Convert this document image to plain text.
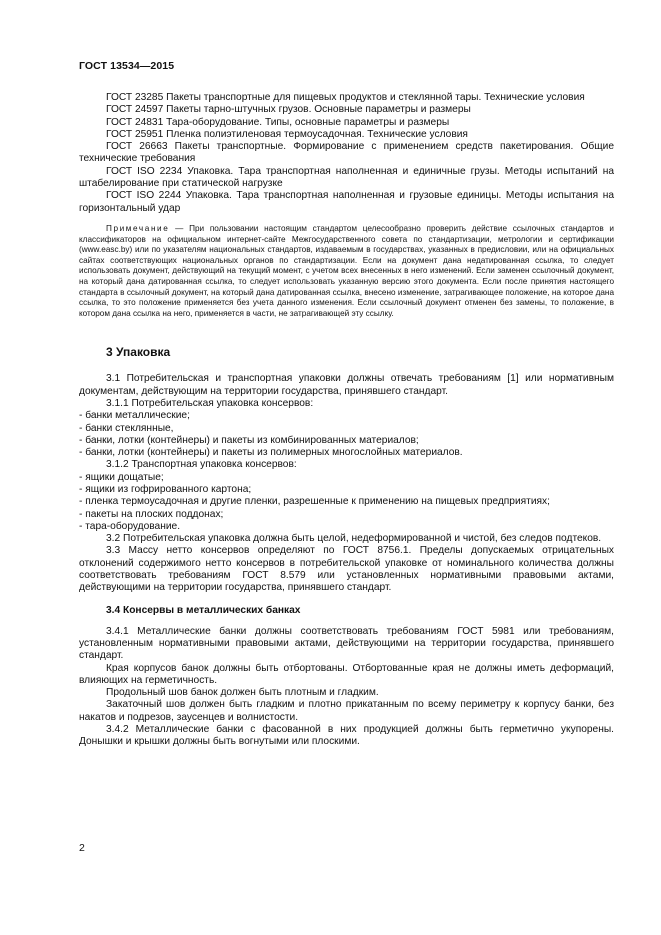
ГОСТ 13534—2015

ГОСТ 23285 Пакеты транспортные для пищевых продуктов и стеклянной тары. Технические условия

ГОСТ 24597 Пакеты тарно-штучных грузов. Основные параметры и размеры

ГОСТ 24831 Тара-оборудование. Типы, основные параметры и размеры

ГОСТ 25951 Пленка полиэтиленовая термоусадочная. Технические условия

ГОСТ 26663 Пакеты транспортные. Формирование с применением средств пакетирования. Общие технические требования

ГОСТ ISO 2234 Упаковка. Тара транспортная наполненная и единичные грузы. Методы испытаний на штабелирование при статической нагрузке

ГОСТ ISO 2244 Упаковка. Тара транспортная наполненная и грузовые единицы. Методы испытания на горизонтальный удар

Примечание — При пользовании настоящим стандартом целесообразно проверить действие ссылочных стандартов и классификаторов на официальном интернет-сайте Межгосударственного совета по стандартизации, метрологии и сертификации (www.easc.by) или по указателям национальных стандартов, издаваемым в государствах, указанных в предисловии, или на официальных сайтах соответствующих национальных органов по стандартизации. Если на документ дана недатированная ссылка, то следует использовать документ, действующий на текущий момент, с учетом всех внесенных в него изменений. Если заменен ссылочный документ, на который дана датированная ссылка, то следует использовать указанную версию этого документа. Если после принятия настоящего стандарта в ссылочный документ, на который дана датированная ссылка, внесено изменение, затрагивающее положение, на которое дана ссылка, то это положение применяется без учета данного изменения. Если ссылочный документ отменен без замены, то положение, в котором дана ссылка на него, применяется в части, не затрагивающей эту ссылку.

3 Упаковка

3.1 Потребительская и транспортная упаковки должны отвечать требованиям [1] или нормативным документам, действующим на территории государства, принявшего стандарт.

3.1.1 Потребительская упаковка консервов:

- банки металлические;

- банки стеклянные,

- банки, лотки (контейнеры) и пакеты из комбинированных материалов;

- банки, лотки (контейнеры) и пакеты из полимерных многослойных материалов.

3.1.2 Транспортная упаковка консервов:

- ящики дощатые;

- ящики из гофрированного картона;

- пленка термоусадочная и другие пленки, разрешенные к применению на пищевых предприятиях;

- пакеты на плоских поддонах;

- тара-оборудование.

3.2 Потребительская упаковка должна быть целой, недеформированной и чистой, без следов подтеков.

3.3 Массу нетто консервов определяют по ГОСТ 8756.1. Пределы допускаемых отрицательных отклонений содержимого нетто консервов в потребительской упаковке от номинального количества должны соответствовать требованиям ГОСТ 8.579 или установленных нормативными правовыми актами, действующими на территории государства, принявшего стандарт.

3.4 Консервы в металлических банках

3.4.1 Металлические банки должны соответствовать требованиям ГОСТ 5981 или требованиям, установленным нормативными правовыми актами, действующими на территории государства, принявшего стандарт.

Края корпусов банок должны быть отбортованы. Отбортованные края не должны иметь деформаций, влияющих на герметичность.

Продольный шов банок должен быть плотным и гладким.

Закаточный шов должен быть гладким и плотно прикатанным по всему периметру к корпусу банки, без накатов и подрезов, заусенцев и волнистости.

3.4.2 Металлические банки с фасованной в них продукцией должны быть герметично укупорены. Донышки и крышки должны быть вогнутыми или плоскими.

2
